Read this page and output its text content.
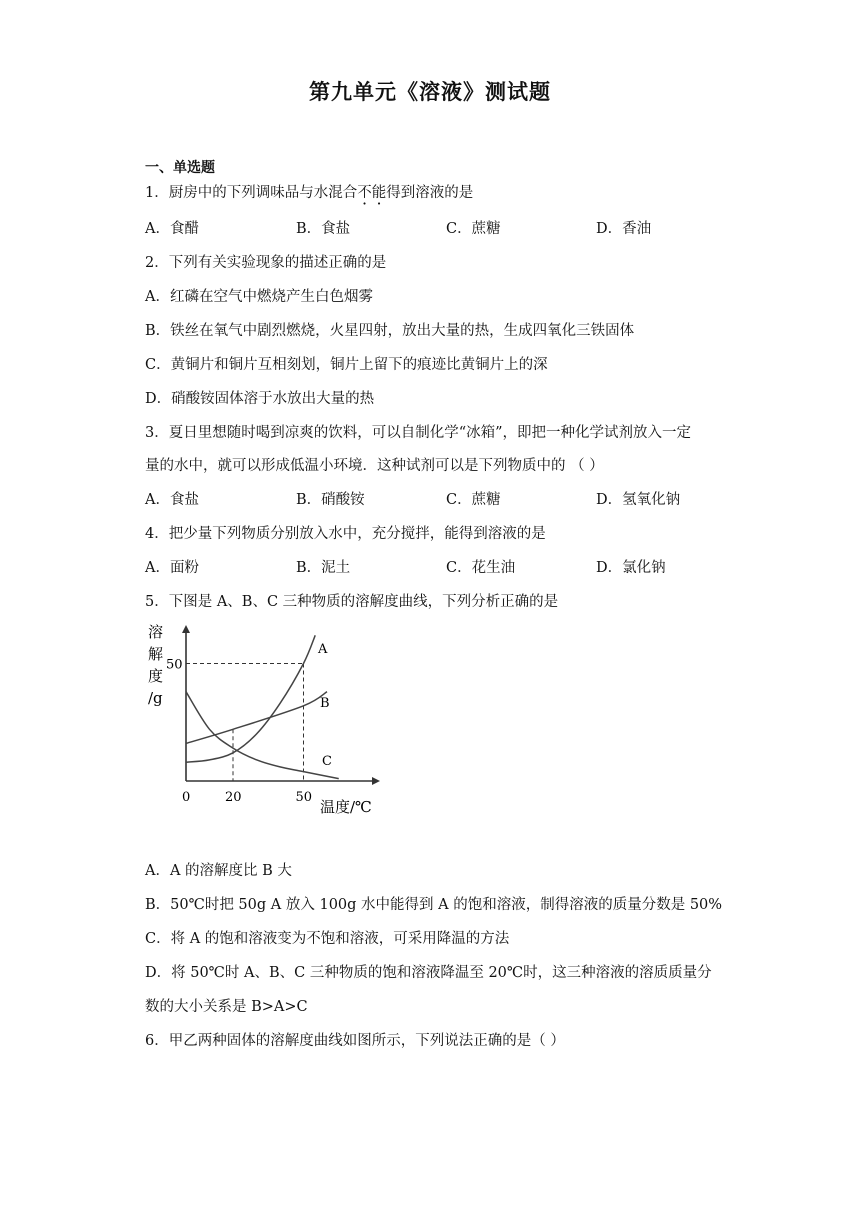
第九单元《溶液》测试题
一、单选题
1．厨房中的下列调味品与水混合不能得到溶液的是
A．食醋	B．食盐	C．蔗糖	D．香油
2．下列有关实验现象的描述正确的是
A．红磷在空气中燃烧产生白色烟雾
B．铁丝在氧气中剧烈燃烧，火星四射，放出大量的热，生成四氧化三铁固体
C．黄铜片和铜片互相刻划，铜片上留下的痕迹比黄铜片上的深
D．硝酸铵固体溶于水放出大量的热
3．夏日里想随时喝到凉爽的饮料，可以自制化学“冰箱”，即把一种化学试剂放入一定
量的水中，就可以形成低温小环境．这种试剂可以是下列物质中的 （ ）
A．食盐	B．硝酸铵	C．蔗糖	D．氢氧化钠
4．把少量下列物质分别放入水中，充分搅拌，能得到溶液的是
A．面粉	B．泥土	C．花生油	D．氯化钠
5．下图是 A、B、C 三种物质的溶解度曲线，下列分析正确的是
溶
解
度
/g
温度/℃
A
B
C
0	20	50
50
A．A 的溶解度比 B 大
B．50℃时把 50g A 放入 100g 水中能得到 A 的饱和溶液，制得溶液的质量分数是 50%
C．将 A 的饱和溶液变为不饱和溶液，可采用降温的方法
D．将 50℃时 A、B、C 三种物质的饱和溶液降温至 20℃时，这三种溶液的溶质质量分
数的大小关系是 B>A>C
6．甲乙两种固体的溶解度曲线如图所示，下列说法正确的是（ ）
